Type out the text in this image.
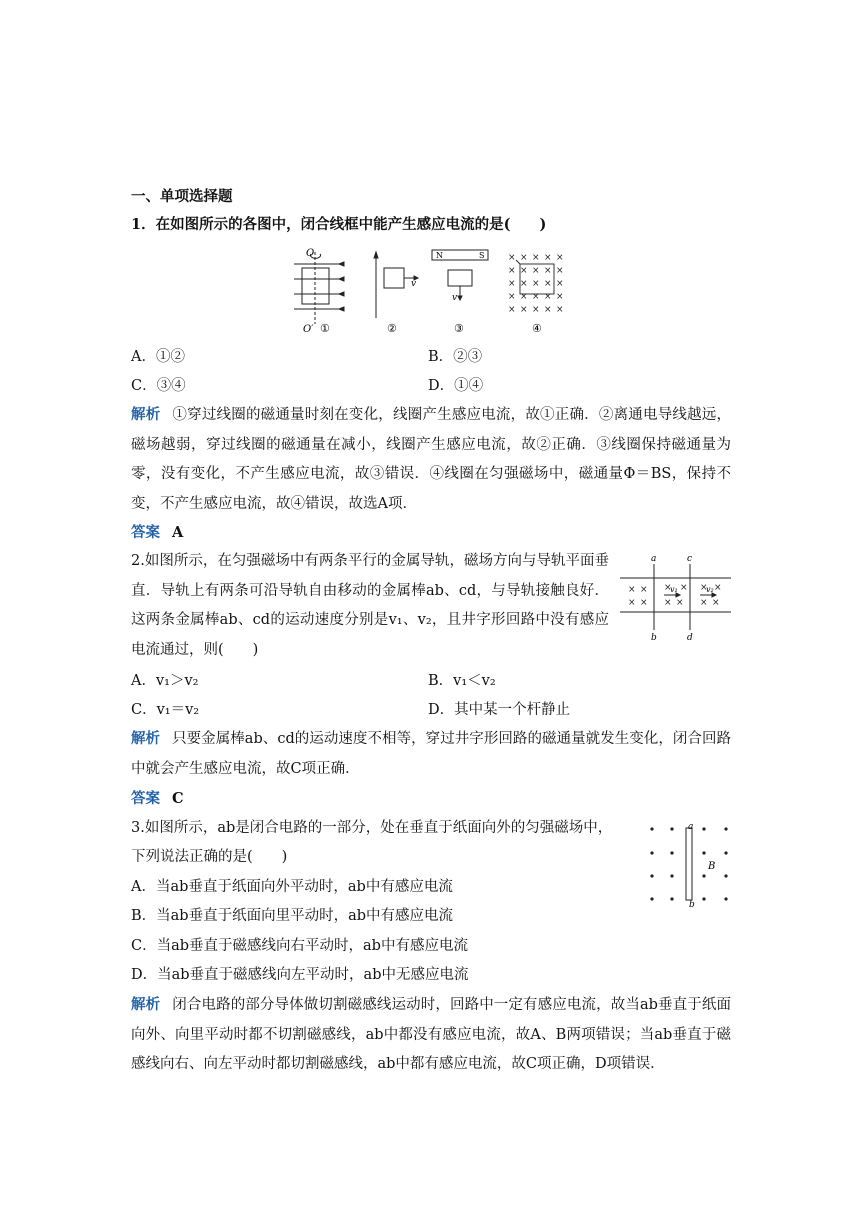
一、单项选择题
1．在如图所示的各图中，闭合线框中能产生感应电流的是(　　)
O
O′ ①
v
②
N	S
v
③
× × × × ×
× × × × ×
× × × × ×
× × × × ×
× × × × ×
④
A．①②	B．②③
C．③④	D．①④
解析 ①穿过线圈的磁通量时刻在变化，线圈产生感应电流，故①正确．②离通电导线越远，磁场越弱，穿过线圈的磁通量在减小，线圈产生感应电流，故②正确．③线圈保持磁通量为零，没有变化，不产生感应电流，故③错误．④线圈在匀强磁场中，磁通量Φ＝BS，保持不变，不产生感应电流，故④错误，故选A项．
答案 A
2.如图所示，在匀强磁场中有两条平行的金属导轨，磁场方向与导轨平面垂直．导轨上有两条可沿导轨自由移动的金属棒ab、cd，与导轨接触良好．这两条金属棒ab、cd的运动速度分别是v₁、v₂，且井字形回路中没有感应电流通过，则(　　)
× × × × × ×
× × × × × ×
a	c
b	d
v₁	v₂
A．v₁＞v₂	B．v₁＜v₂
C．v₁＝v₂	D．其中某一个杆静止
解析 只要金属棒ab、cd的运动速度不相等，穿过井字形回路的磁通量就发生变化，闭合回路中就会产生感应电流，故C项正确．
答案 C
3.如图所示，ab是闭合电路的一部分，处在垂直于纸面向外的匀强磁场中，
下列说法正确的是(　　)
a
b
B
A．当ab垂直于纸面向外平动时，ab中有感应电流
B．当ab垂直于纸面向里平动时，ab中有感应电流
C．当ab垂直于磁感线向右平动时，ab中有感应电流
D．当ab垂直于磁感线向左平动时，ab中无感应电流
解析 闭合电路的部分导体做切割磁感线运动时，回路中一定有感应电流，故当ab垂直于纸面向外、向里平动时都不切割磁感线，ab中都没有感应电流，故A、B两项错误；当ab垂直于磁感线向右、向左平动时都切割磁感线，ab中都有感应电流，故C项正确，D项错误．
